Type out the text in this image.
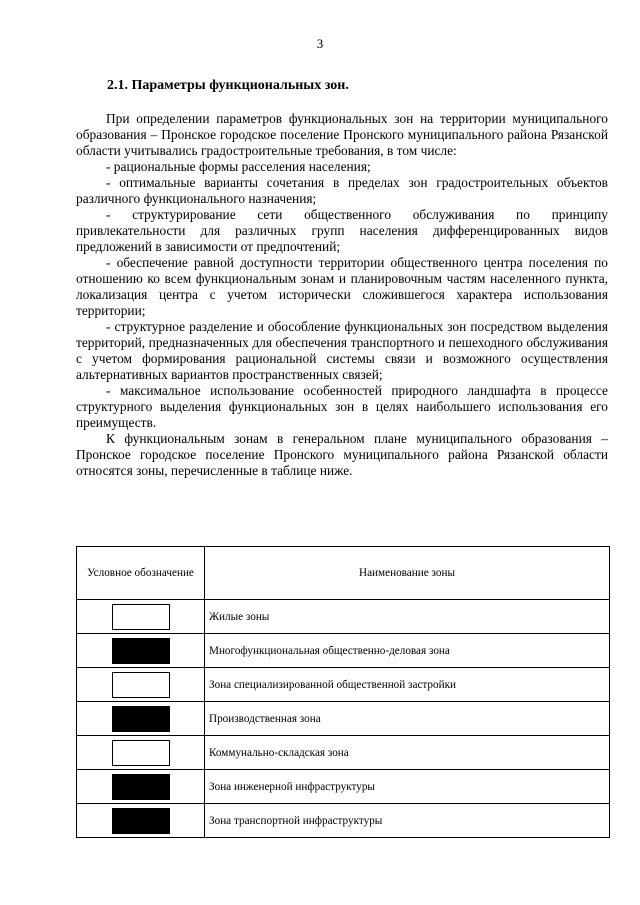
3
2.1. Параметры функциональных зон.

При определении параметров функциональных зон на территории муниципального образования – Пронское городское поселение Пронского муниципального района Рязанской области учитывались градостроительные требования, в том числе:

- рациональные формы расселения населения;

- оптимальные варианты сочетания в пределах зон градостроительных объектов различного функционального назначения;

- структурирование сети общественного обслуживания по принципу привлекательности для различных групп населения дифференцированных видов предложений в зависимости от предпочтений;

- обеспечение равной доступности территории общественного центра поселения по отношению ко всем функциональным зонам и планировочным частям населенного пункта, локализация центра с учетом исторически сложившегося характера использования территории;

- структурное разделение и обособление функциональных зон посредством выделения территорий, предназначенных для обеспечения транспортного и пешеходного обслуживания с учетом формирования рациональной системы связи и возможного осуществления альтернативных вариантов пространственных связей;

- максимальное использование особенностей природного ландшафта в процессе структурного выделения функциональных зон в целях наибольшего использования его преимуществ.

К функциональным зонам в генеральном плане муниципального образования – Пронское городское поселение Пронского муниципального района Рязанской области относятся зоны, перечисленные в таблице ниже.

Условное обозначение	Наименование зоны
	Жилые зоны
	Многофункциональная общественно-деловая зона
	Зона специализированной общественной застройки
	Производственная зона
	Коммунально-складская зона
	Зона инженерной инфраструктуры
	Зона транспортной инфраструктуры
